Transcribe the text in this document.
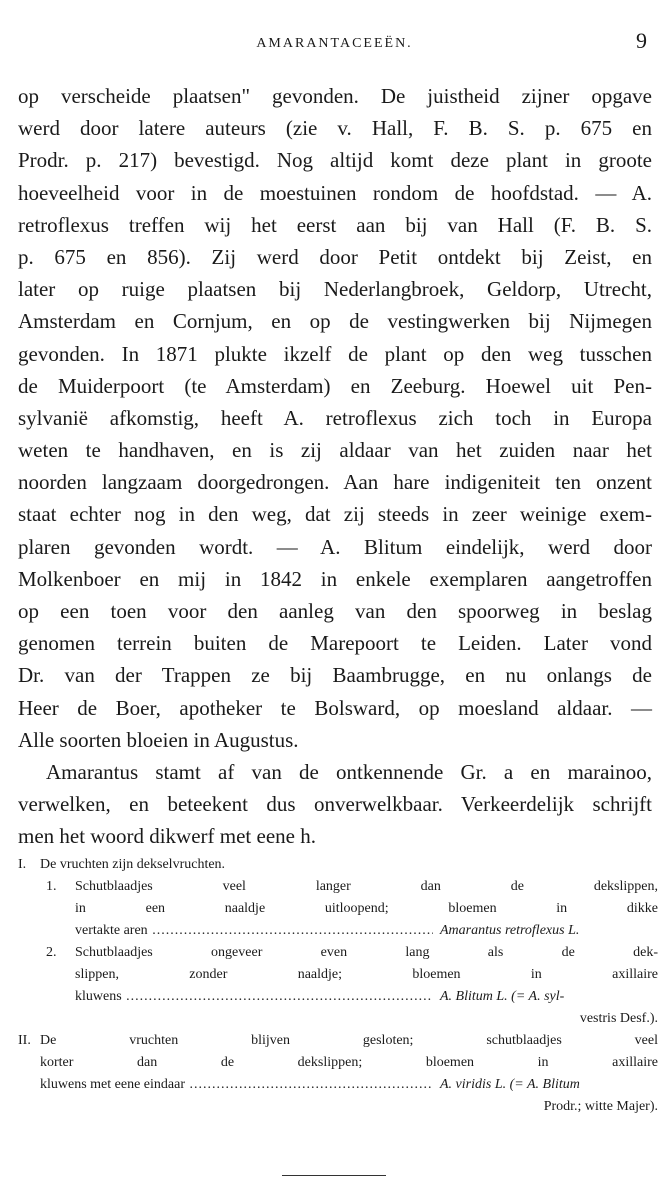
AMARANTACEEËN.	9
op verscheide plaatsen" gevonden. De juistheid zijner opgave
werd door latere auteurs (zie v. Hall, F. B. S. p. 675 en
Prodr. p. 217) bevestigd. Nog altijd komt deze plant in groote
hoeveelheid voor in de moestuinen rondom de hoofdstad. — A.
retroflexus treffen wij het eerst aan bij van Hall (F. B. S.
p. 675 en 856). Zij werd door Petit ontdekt bij Zeist, en
later op ruige plaatsen bij Nederlangbroek, Geldorp, Utrecht,
Amsterdam en Cornjum, en op de vestingwerken bij Nijmegen
gevonden. In 1871 plukte ikzelf de plant op den weg tusschen
de Muiderpoort (te Amsterdam) en Zeeburg. Hoewel uit Pen-
sylvanië afkomstig, heeft A. retroflexus zich toch in Europa
weten te handhaven, en is zij aldaar van het zuiden naar het
noorden langzaam doorgedrongen. Aan hare indigeniteit ten onzent
staat echter nog in den weg, dat zij steeds in zeer weinige exem-
plaren gevonden wordt. — A. Blitum eindelijk, werd door
Molkenboer en mij in 1842 in enkele exemplaren aangetroffen
op een toen voor den aanleg van den spoorweg in beslag
genomen terrein buiten de Marepoort te Leiden. Later vond
Dr. van der Trappen ze bij Baambrugge, en nu onlangs de
Heer de Boer, apotheker te Bolsward, op moesland aldaar. —
Alle soorten bloeien in Augustus.
Amarantus stamt af van de ontkennende Gr. a en marainoo,
verwelken, en beteekent dus onverwelkbaar. Verkeerdelijk schrijft
men het woord dikwerf met eene h.
I. De vruchten zijn dekselvruchten.
1.	Schutblaadjes veel langer dan de dekslippen,
in een naaldje uitloopend; bloemen in dikke
vertakte aren .....	Amarantus retroflexus L.
2.	Schutblaadjes ongeveer even lang als de dek-
slippen, zonder naaldje; bloemen in axillaire
kluwens .....	A. Blitum L. (= A. syl-
vestris Desf.).
II. De vruchten blijven gesloten; schutblaadjes veel
korter dan de dekslippen; bloemen in axillaire
kluwens met eene eindaar .....	A. viridis L. (= A. Blitum
Prodr.; witte Majer).
